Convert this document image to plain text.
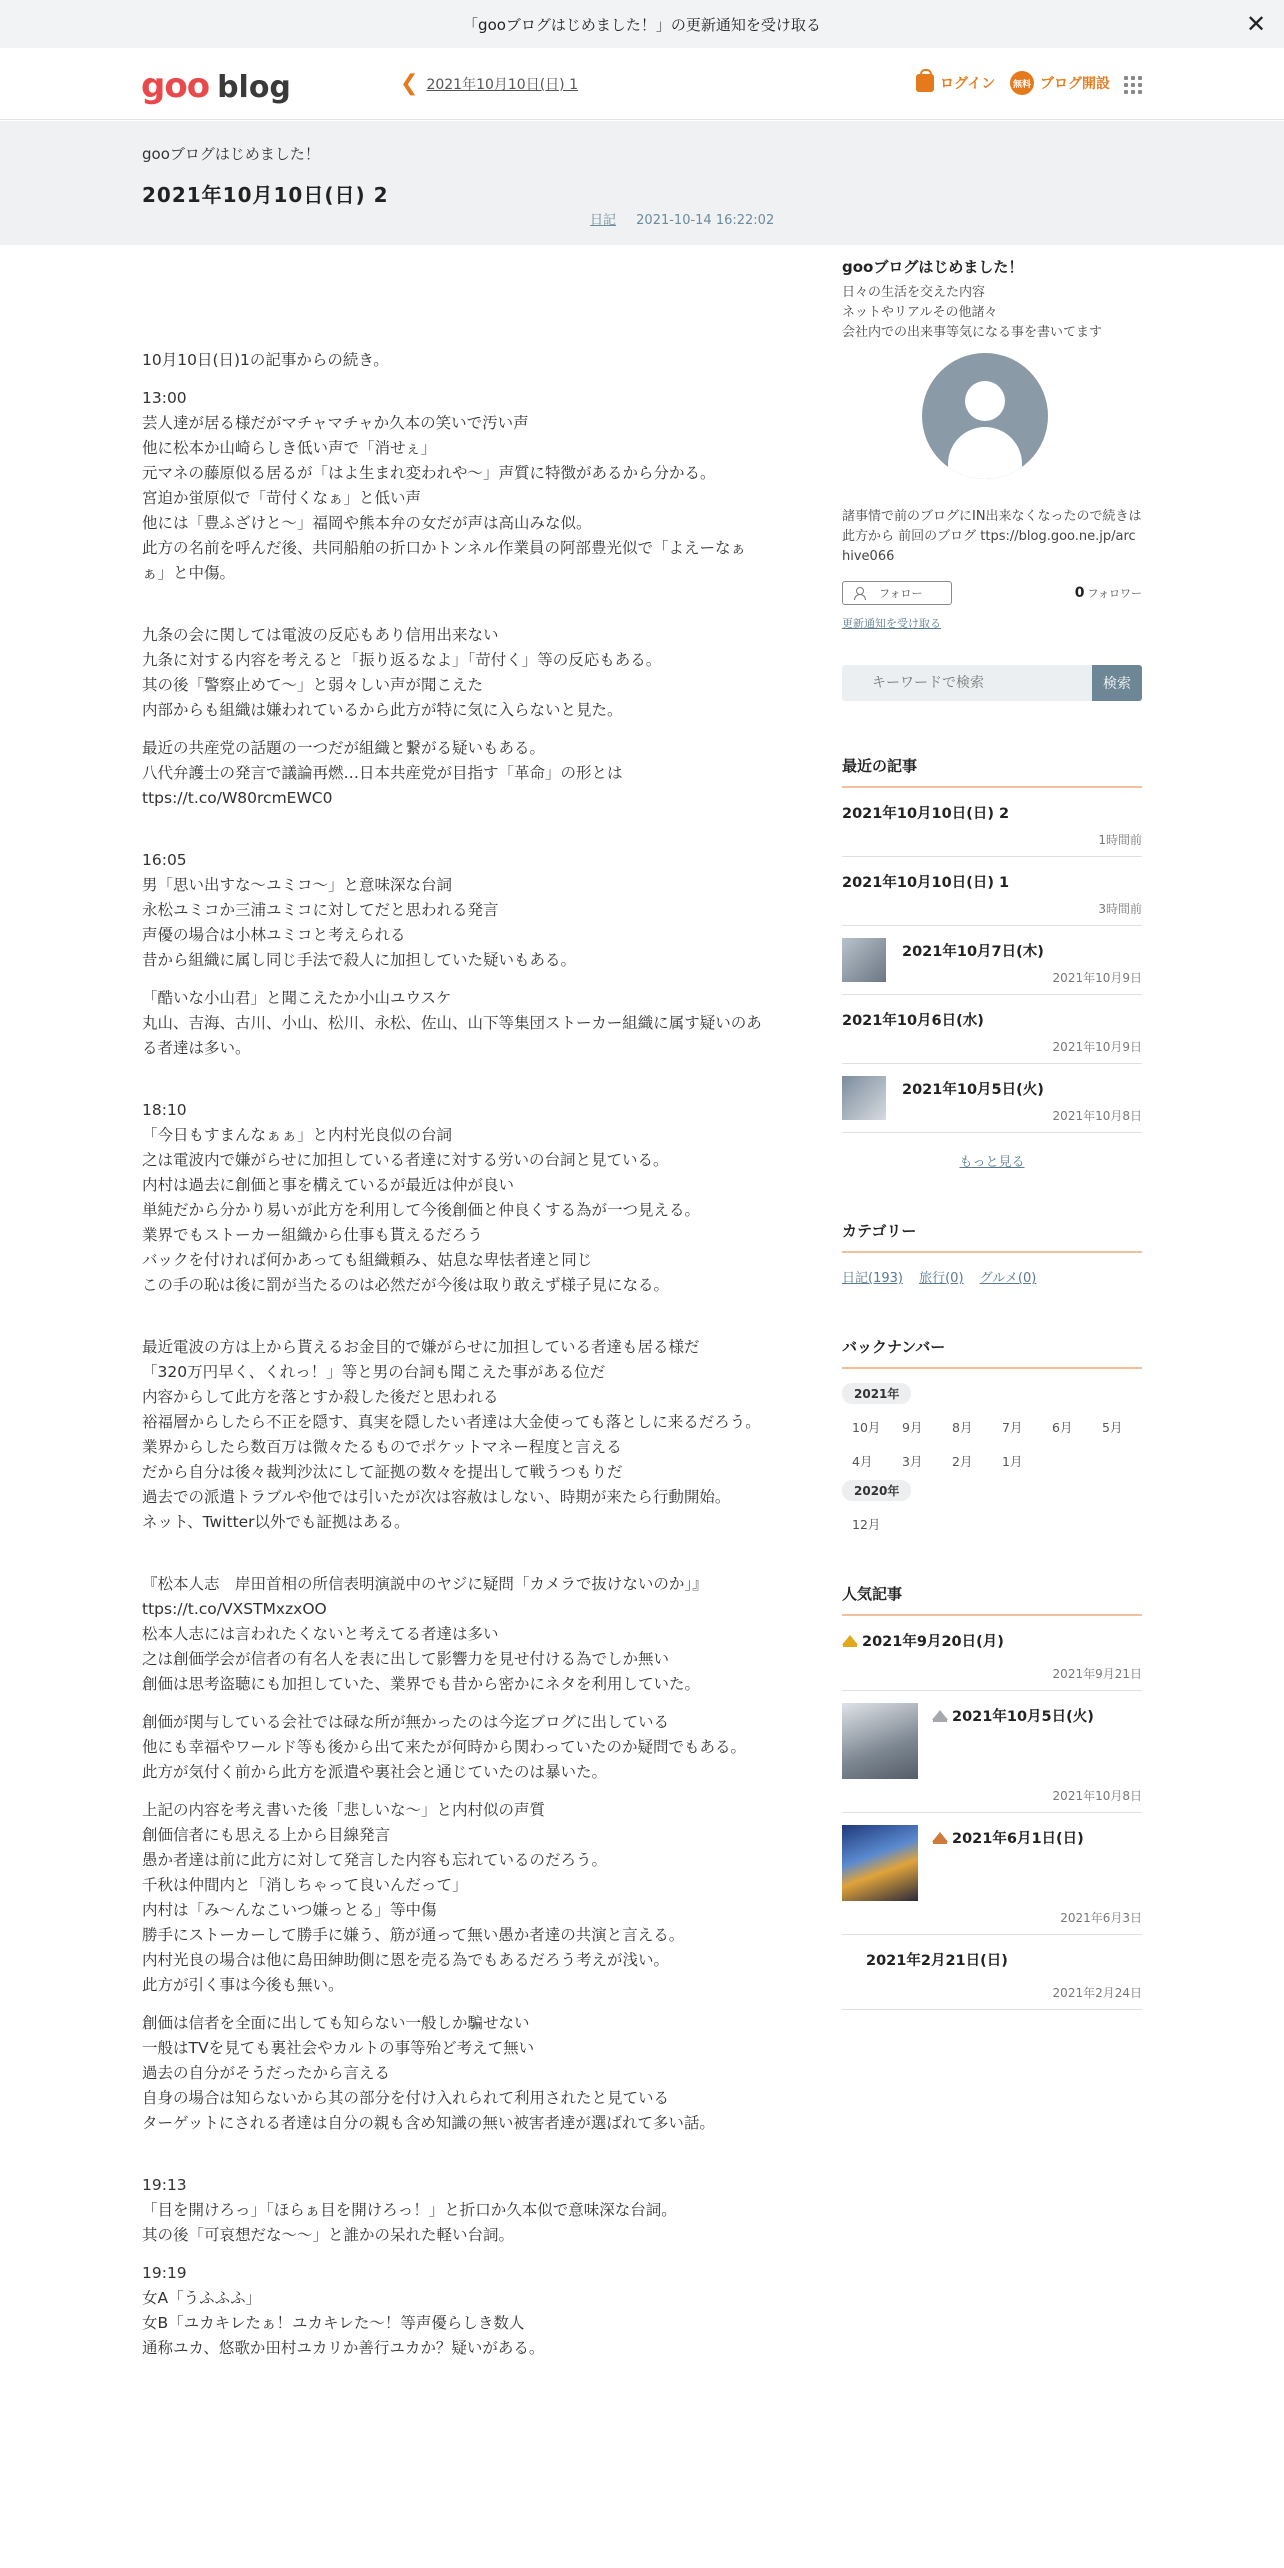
「gooブログはじめました！」の更新通知を受け取る	✕
goo blog	❮ 2021年10月10日(日) 1	ログイン	無料 ブログ開設
gooブログはじめました！
2021年10月10日(日) 2
日記 2021-10-14 16:22:02

10月10日(日)1の記事からの続き。

13:00
芸人達が居る様だがマチャマチャか久本の笑いで汚い声
他に松本か山崎らしき低い声で「消せぇ」
元マネの藤原似る居るが「はよ生まれ変われや～」声質に特徴があるから分かる。
宮迫か蛍原似で「苛付くなぁ」と低い声
他には「豊ふざけと～」福岡や熊本弁の女だが声は高山みな似。
此方の名前を呼んだ後、共同船舶の折口かトンネル作業員の阿部豊光似で「よえーなぁぁ」と中傷。

九条の会に関しては電波の反応もあり信用出来ない
九条に対する内容を考えると「振り返るなよ」「苛付く」等の反応もある。
其の後「警察止めて～」と弱々しい声が聞こえた
内部からも組織は嫌われているから此方が特に気に入らないと見た。

最近の共産党の話題の一つだが組織と繋がる疑いもある。
八代弁護士の発言で議論再燃…日本共産党が目指す「革命」の形とは ttps://t.co/W80rcmEWC0

16:05
男「思い出すな～ユミコ～」と意味深な台詞
永松ユミコか三浦ユミコに対してだと思われる発言
声優の場合は小林ユミコと考えられる
昔から組織に属し同じ手法で殺人に加担していた疑いもある。

「酷いな小山君」と聞こえたか小山ユウスケ
丸山、吉海、古川、小山、松川、永松、佐山、山下等集団ストーカー組織に属す疑いのある者達は多い。

18:10
「今日もすまんなぁぁ」と内村光良似の台詞
之は電波内で嫌がらせに加担している者達に対する労いの台詞と見ている。
内村は過去に創価と事を構えているが最近は仲が良い
単純だから分かり易いが此方を利用して今後創価と仲良くする為が一つ見える。
業界でもストーカー組織から仕事も貰えるだろう
バックを付ければ何かあっても組織頼み、姑息な卑怯者達と同じ
この手の恥は後に罰が当たるのは必然だが今後は取り敢えず様子見になる。

最近電波の方は上から貰えるお金目的で嫌がらせに加担している者達も居る様だ
「320万円早く、くれっ！」等と男の台詞も聞こえた事がある位だ
内容からして此方を落とすか殺した後だと思われる
裕福層からしたら不正を隠す、真実を隠したい者達は大金使っても落としに来るだろう。
業界からしたら数百万は微々たるものでポケットマネー程度と言える
だから自分は後々裁判沙汰にして証拠の数々を提出して戦うつもりだ
過去での派遣トラブルや他では引いたが次は容赦はしない、時期が来たら行動開始。
ネット、Twitter以外でも証拠はある。

『松本人志　岸田首相の所信表明演説中のヤジに疑問「カメラで抜けないのか」』
ttps://t.co/VXSTMxzxOO
松本人志には言われたくないと考えてる者達は多い
之は創価学会が信者の有名人を表に出して影響力を見せ付ける為でしか無い
創価は思考盗聴にも加担していた、業界でも昔から密かにネタを利用していた。

創価が関与している会社では碌な所が無かったのは今迄ブログに出している
他にも幸福やワールド等も後から出て来たが何時から関わっていたのか疑問でもある。
此方が気付く前から此方を派遣や裏社会と通じていたのは暴いた。

上記の内容を考え書いた後「悲しいな～」と内村似の声質
創価信者にも思える上から目線発言
愚か者達は前に此方に対して発言した内容も忘れているのだろう。
千秋は仲間内と「消しちゃって良いんだって」
内村は「み～んなこいつ嫌っとる」等中傷
勝手にストーカーして勝手に嫌う、筋が通って無い愚か者達の共演と言える。
内村光良の場合は他に島田紳助側に恩を売る為でもあるだろう考えが浅い。
此方が引く事は今後も無い。

創価は信者を全面に出しても知らない一般しか騙せない
一般はTVを見ても裏社会やカルトの事等殆ど考えて無い
過去の自分がそうだったから言える
自身の場合は知らないから其の部分を付け入れられて利用されたと見ている
ターゲットにされる者達は自分の親も含め知識の無い被害者達が選ばれて多い話。

19:13
「目を開けろっ」「ほらぁ目を開けろっ！」と折口か久本似で意味深な台詞。
其の後「可哀想だな～～」と誰かの呆れた軽い台詞。

19:19
女A「うふふふ」
女B「ユカキレたぁ！ユカキレた～！等声優らしき数人
通称ユカ、悠歌か田村ユカリか善行ユカか？疑いがある。

gooブログはじめました！
日々の生活を交えた内容
ネットやリアルその他諸々
会社内での出来事等気になる事を書いてます
諸事情で前のブログにIN出来なくなったので続きは此方から 前回のブログ ttps://blog.goo.ne.jp/archive066
フォロー	0 フォロワー
更新通知を受け取る
キーワードで検索
検索
最近の記事
2021年10月10日(日) 2
1時間前
2021年10月10日(日) 1
3時間前
2021年10月7日(木)
2021年10月9日
2021年10月6日(水)
2021年10月9日
2021年10月5日(火)
2021年10月8日
もっと見る
カテゴリー
日記(193) 旅行(0) グルメ(0)
バックナンバー
2021年
10月	9月	8月	7月	6月	5月
4月	3月	2月	1月
2020年
12月
人気記事
2021年9月20日(月)
2021年9月21日
2021年10月5日(火)
2021年10月8日
2021年6月1日(日)
2021年6月3日
2021年2月21日(日)
2021年2月24日
